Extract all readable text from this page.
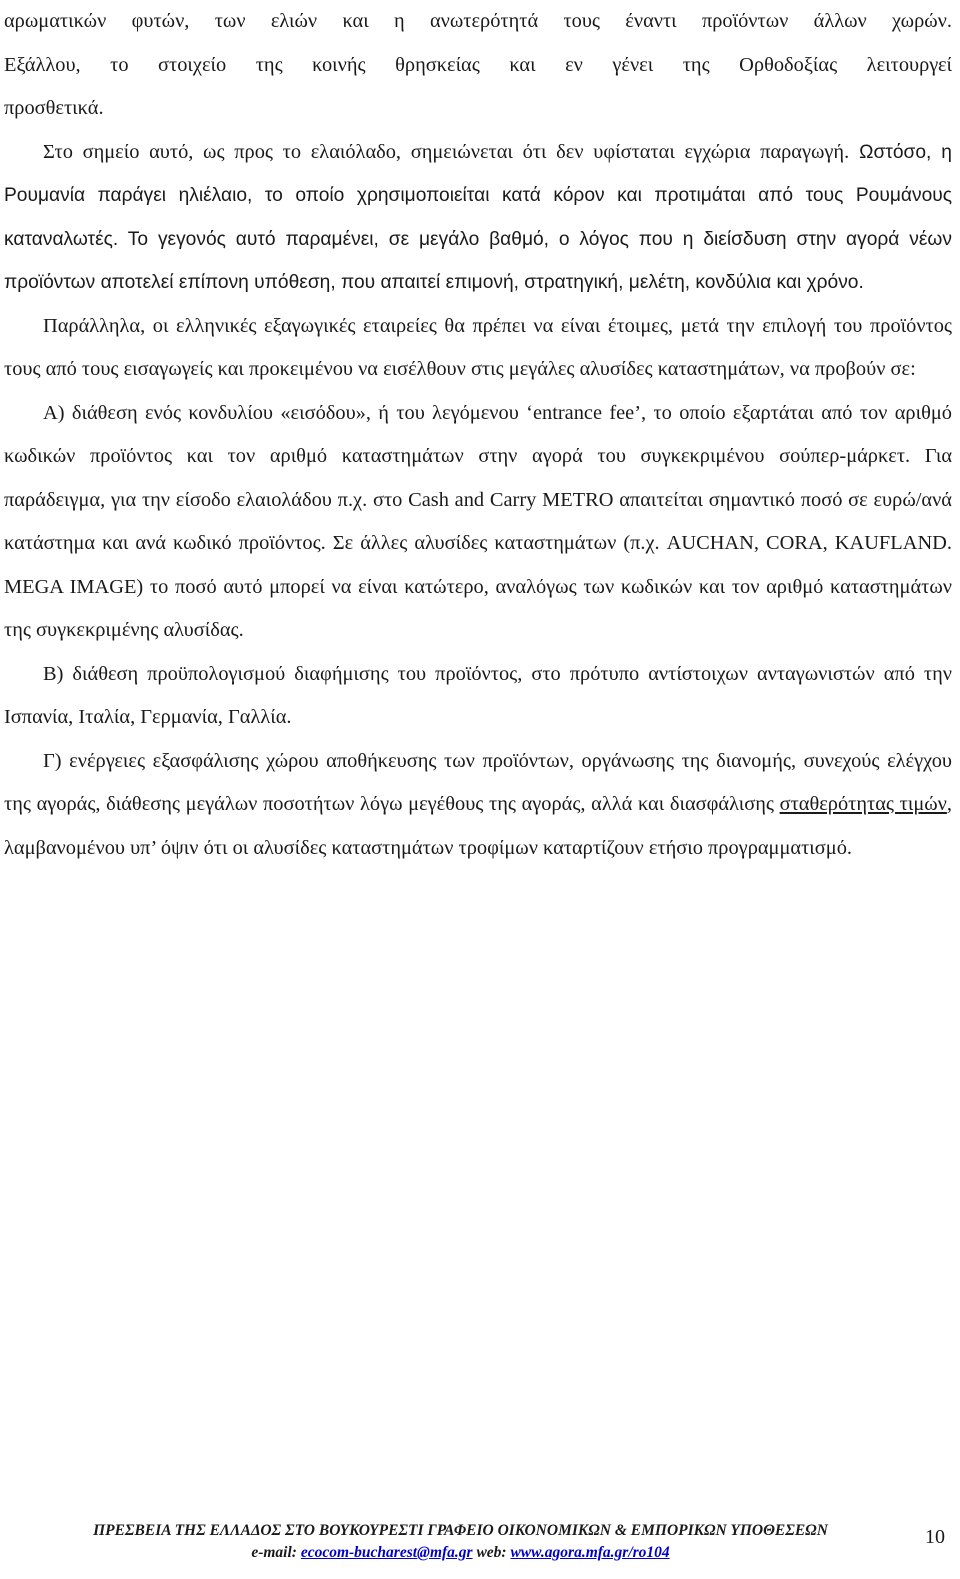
αρωματικών φυτών, των ελιών και η ανωτερότητά τους έναντι προϊόντων άλλων χωρών.

Εξάλλου, το στοιχείο της κοινής θρησκείας και εν γένει της Ορθοδοξίας λειτουργεί

προσθετικά.

Στο σημείο αυτό, ως προς το ελαιόλαδο, σημειώνεται ότι δεν υφίσταται εγχώρια παραγωγή. Ωστόσο, η Ρουμανία παράγει ηλιέλαιο, το οποίο χρησιμοποιείται κατά κόρον και προτιμάται από τους Ρουμάνους καταναλωτές. Το γεγονός αυτό παραμένει, σε μεγάλο βαθμό, ο λόγος που η διείσδυση στην αγορά νέων προϊόντων αποτελεί επίπονη υπόθεση, που απαιτεί επιμονή, στρατηγική, μελέτη, κονδύλια και χρόνο.

Παράλληλα, οι ελληνικές εξαγωγικές εταιρείες θα πρέπει να είναι έτοιμες, μετά την επιλογή του προϊόντος τους από τους εισαγωγείς και προκειμένου να εισέλθουν στις μεγάλες αλυσίδες καταστημάτων, να προβούν σε:

Α) διάθεση ενός κονδυλίου «εισόδου», ή του λεγόμενου ‘entrance fee’, το οποίο εξαρτάται από τον αριθμό κωδικών προϊόντος και τον αριθμό καταστημάτων στην αγορά του συγκεκριμένου σούπερ-μάρκετ. Για παράδειγμα, για την είσοδο ελαιολάδου π.χ. στο Cash and Carry METRO απαιτείται σημαντικό ποσό σε ευρώ/ανά κατάστημα και ανά κωδικό προϊόντος. Σε άλλες αλυσίδες καταστημάτων (π.χ. AUCHAN, CORA, KAUFLAND. MEGA IMAGE) το ποσό αυτό μπορεί να είναι κατώτερο, αναλόγως των κωδικών και τον αριθμό καταστημάτων της συγκεκριμένης αλυσίδας.

Β) διάθεση προϋπολογισμού διαφήμισης του προϊόντος, στο πρότυπο αντίστοιχων ανταγωνιστών από την Ισπανία, Ιταλία, Γερμανία, Γαλλία.

Γ) ενέργειες εξασφάλισης χώρου αποθήκευσης των προϊόντων, οργάνωσης της διανομής, συνεχούς ελέγχου της αγοράς, διάθεσης μεγάλων ποσοτήτων λόγω μεγέθους της αγοράς, αλλά και διασφάλισης σταθερότητας τιμών, λαμβανομένου υπ’ όψιν ότι οι αλυσίδες καταστημάτων τροφίμων καταρτίζουν ετήσιο προγραμματισμό.

ΠΡΕΣΒΕΙΑ ΤΗΣ ΕΛΛΑΔΟΣ ΣΤΟ ΒΟΥΚΟΥΡΕΣΤΙ ΓΡΑΦΕΙΟ ΟΙΚΟΝΟΜΙΚΩΝ & ΕΜΠΟΡΙΚΩΝ ΥΠΟΘΕΣΕΩΝ
e-mail: ecocom-bucharest@mfa.gr web: www.agora.mfa.gr/ro104
10
